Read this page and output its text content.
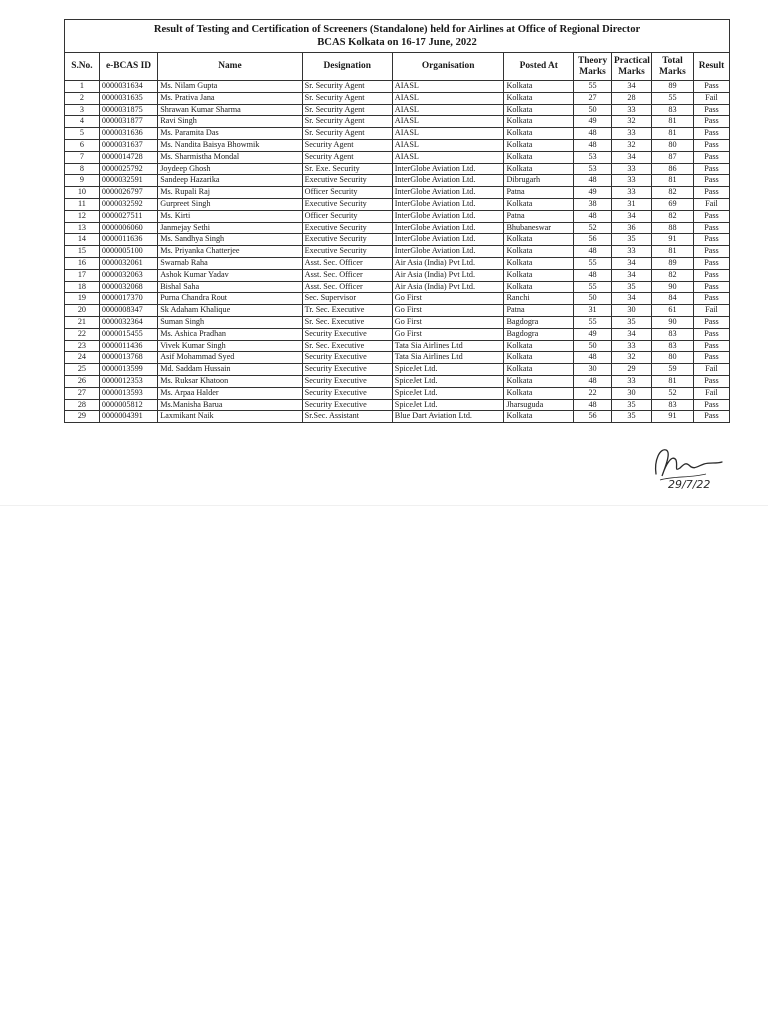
Result of Testing and Certification of Screeners (Standalone) held for Airlines at Office of Regional Director
BCAS Kolkata on 16-17 June, 2022									

S.No.	e-BCAS ID	Name	Designation	Organisation	Posted At	Theory Marks	Practical Marks	Total Marks	Result
1	0000031634	Ms. Nilam Gupta	Sr. Security Agent	AIASL	Kolkata	55	34	89	Pass
2	0000031635	Ms. Prativa Jana	Sr. Security Agent	AIASL	Kolkata	27	28	55	Fail
3	0000031875	Shrawan Kumar Sharma	Sr. Security Agent	AIASL	Kolkata	50	33	83	Pass
4	0000031877	Ravi Singh	Sr. Security Agent	AIASL	Kolkata	49	32	81	Pass
5	0000031636	Ms. Paramita Das	Sr. Security Agent	AIASL	Kolkata	48	33	81	Pass
6	0000031637	Ms. Nandita Baisya Bhowmik	Security Agent	AIASL	Kolkata	48	32	80	Pass
7	0000014728	Ms. Sharmistha Mondal	Security Agent	AIASL	Kolkata	53	34	87	Pass
8	0000025792	Joydeep Ghosh	Sr. Exe. Security	InterGlobe Aviation Ltd.	Kolkata	53	33	86	Pass
9	0000032591	Sandeep Hazarika	Executive Security	InterGlobe Aviation Ltd.	Dibrugarh	48	33	81	Pass
10	0000026797	Ms. Rupali Raj	Officer Security	InterGlobe Aviation Ltd.	Patna	49	33	82	Pass
11	0000032592	Gurpreet Singh	Executive Security	InterGlobe Aviation Ltd.	Kolkata	38	31	69	Fail
12	0000027511	Ms. Kirti	Officer Security	InterGlobe Aviation Ltd.	Patna	48	34	82	Pass
13	0000006060	Janmejay Sethi	Executive Security	InterGlobe Aviation Ltd.	Bhubaneswar	52	36	88	Pass
14	0000011636	Ms. Sandhya Singh	Executive Security	InterGlobe Aviation Ltd.	Kolkata	56	35	91	Pass
15	0000005100	Ms. Priyanka Chatterjee	Executive Security	InterGlobe Aviation Ltd.	Kolkata	48	33	81	Pass
16	0000032061	Swarnab Raha	Asst. Sec. Officer	Air Asia (India) Pvt Ltd.	Kolkata	55	34	89	Pass
17	0000032063	Ashok Kumar Yadav	Asst. Sec. Officer	Air Asia (India) Pvt Ltd.	Kolkata	48	34	82	Pass
18	0000032068	Bishal Saha	Asst. Sec. Officer	Air Asia (India) Pvt Ltd.	Kolkata	55	35	90	Pass
19	0000017370	Purna Chandra Rout	Sec. Supervisor	Go First	Ranchi	50	34	84	Pass
20	0000008347	Sk Adaham Khalique	Tr. Sec. Executive	Go First	Patna	31	30	61	Fail
21	0000032364	Suman Singh	Sr. Sec. Executive	Go First	Bagdogra	55	35	90	Pass
22	0000015455	Ms. Ashica Pradhan	Security Executive	Go First	Bagdogra	49	34	83	Pass
23	0000011436	Vivek Kumar Singh	Sr. Sec. Executive	Tata Sia Airlines Ltd	Kolkata	50	33	83	Pass
24	0000013768	Asif Mohammad Syed	Security Executive	Tata Sia Airlines Ltd	Kolkata	48	32	80	Pass
25	0000013599	Md. Saddam Hussain	Security Executive	SpiceJet Ltd.	Kolkata	30	29	59	Fail
26	0000012353	Ms. Ruksar Khatoon	Security Executive	SpiceJet Ltd.	Kolkata	48	33	81	Pass
27	0000013593	Ms. Arpaa Halder	Security Executive	SpiceJet Ltd.	Kolkata	22	30	52	Fail
28	0000005812	Ms.Manisha Barua	Security Executive	SpiceJet Ltd.	Jharsuguda	48	35	83	Pass
29	0000004391	Laxmikant Naik	Sr.Sec. Assistant	Blue Dart Aviation Ltd.	Kolkata	56	35	91	Pass
29/7/22
